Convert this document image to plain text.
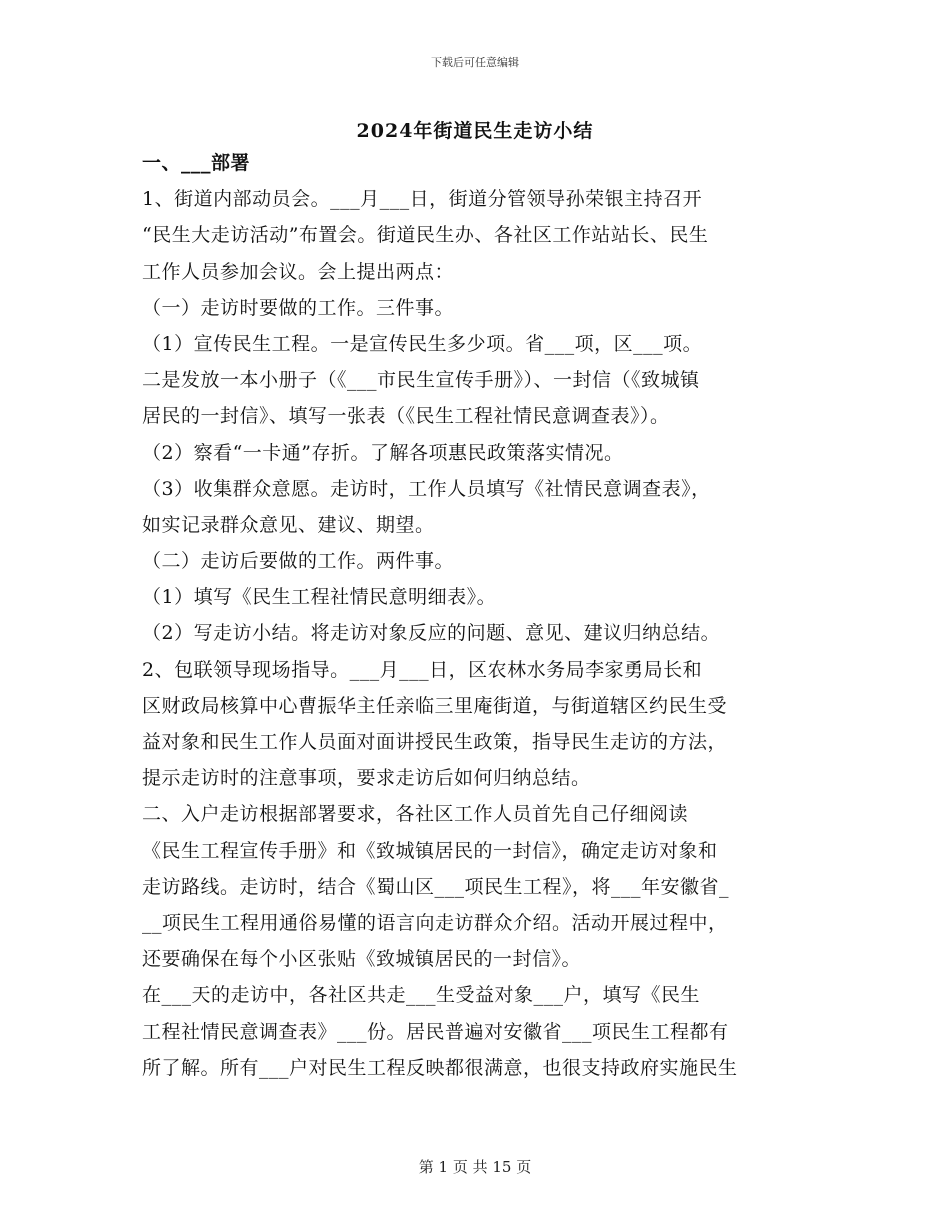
下载后可任意编辑
2024年街道民生走访小结
一、___部署
1、街道内部动员会。___月___日，街道分管领导孙荣银主持召开
“民生大走访活动”布置会。街道民生办、各社区工作站站长、民生
工作人员参加会议。会上提出两点：
（一）走访时要做的工作。三件事。
（1）宣传民生工程。一是宣传民生多少项。省___项，区___项。
二是发放一本小册子（《___市民生宣传手册》）、一封信（《致城镇
居民的一封信》、填写一张表（《民生工程社情民意调查表》）。
（2）察看“一卡通”存折。了解各项惠民政策落实情况。
（3）收集群众意愿。走访时，工作人员填写《社情民意调查表》，
如实记录群众意见、建议、期望。
（二）走访后要做的工作。两件事。
（1）填写《民生工程社情民意明细表》。
（2）写走访小结。将走访对象反应的问题、意见、建议归纳总结。
2、包联领导现场指导。___月___日，区农林水务局李家勇局长和
区财政局核算中心曹振华主任亲临三里庵街道，与街道辖区约民生受
益对象和民生工作人员面对面讲授民生政策，指导民生走访的方法，
提示走访时的注意事项，要求走访后如何归纳总结。
二、入户走访根据部署要求，各社区工作人员首先自己仔细阅读
《民生工程宣传手册》和《致城镇居民的一封信》，确定走访对象和
走访路线。走访时，结合《蜀山区___项民生工程》，将___年安徽省_
__项民生工程用通俗易懂的语言向走访群众介绍。活动开展过程中，
还要确保在每个小区张贴《致城镇居民的一封信》。
在___天的走访中，各社区共走___生受益对象___户，填写《民生
工程社情民意调查表》___份。居民普遍对安徽省___项民生工程都有
所了解。所有___户对民生工程反映都很满意，也很支持政府实施民生
第 1 页 共 15 页
